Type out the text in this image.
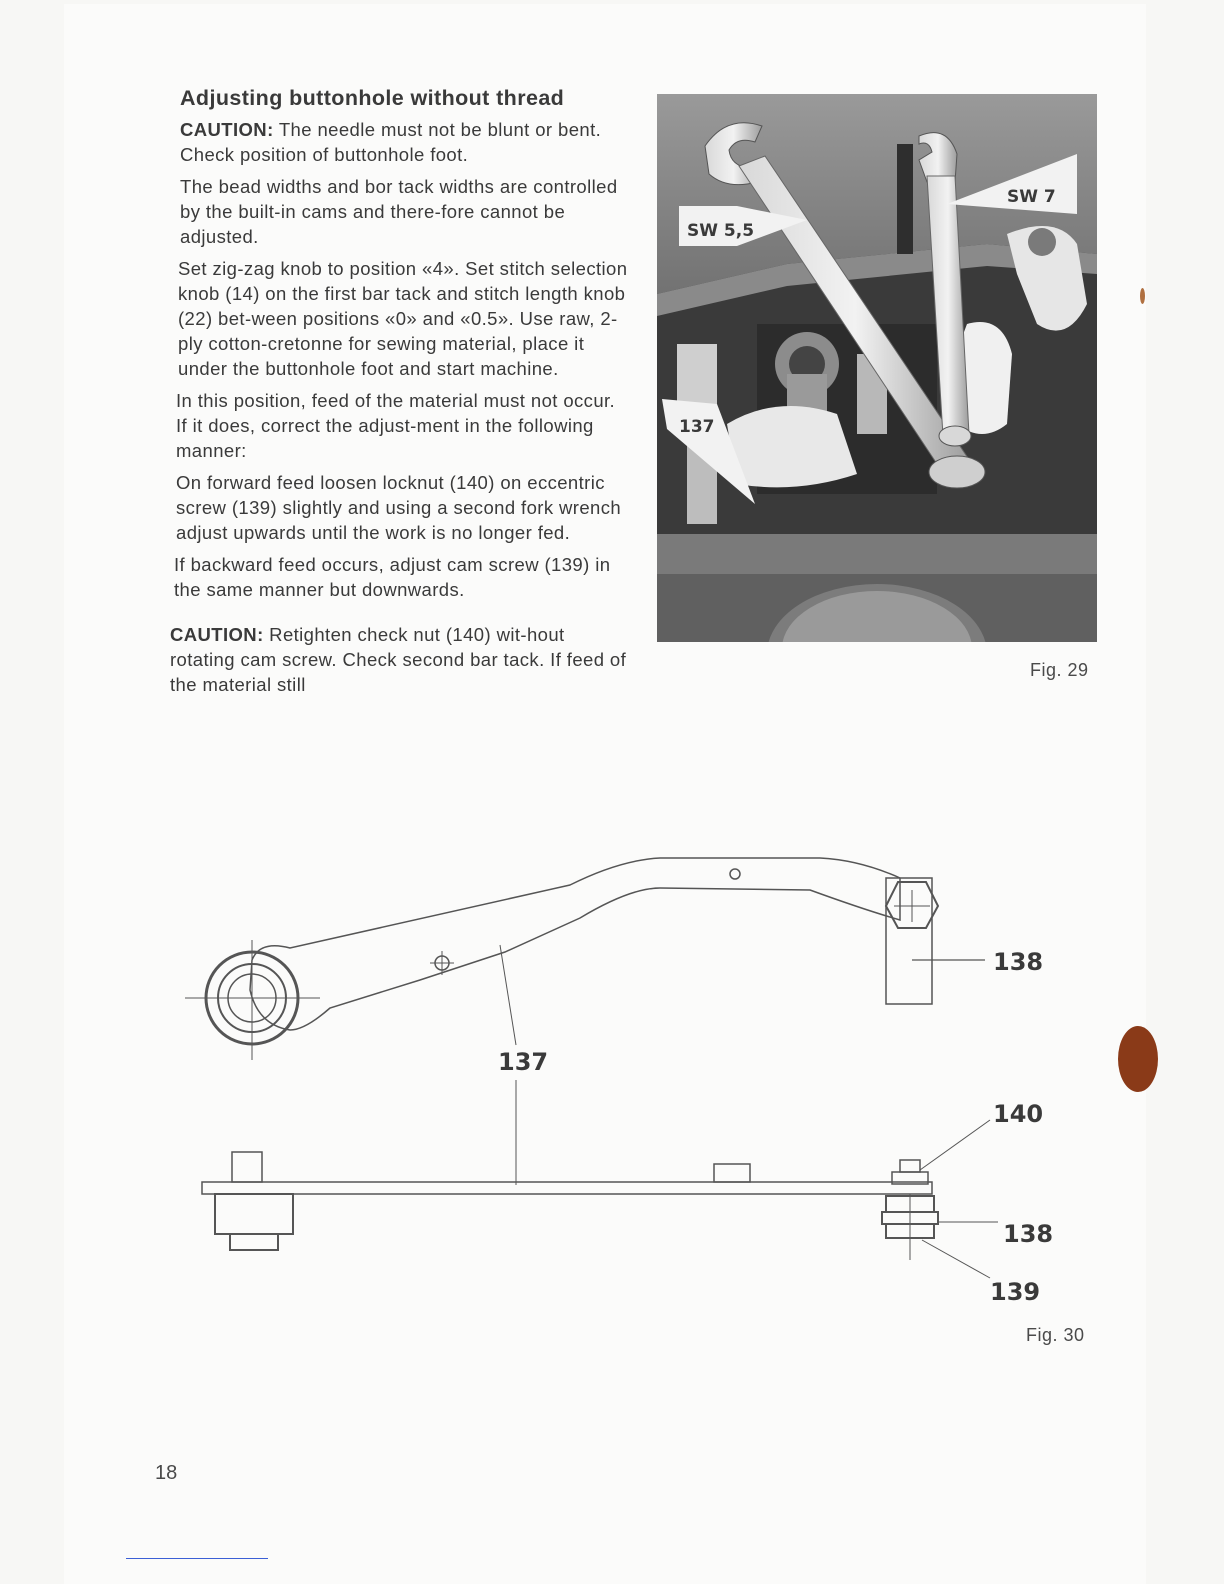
Adjusting buttonhole without thread

CAUTION: The needle must not be blunt or bent. Check position of buttonhole foot.

The bead widths and bor tack widths are controlled by the built-in cams and there-fore cannot be adjusted.

Set zig-zag knob to position «4». Set stitch selection knob (14) on the first bar tack and stitch length knob (22) bet-ween positions «0» and «0.5». Use raw, 2-ply cotton-cretonne for sewing material, place it under the buttonhole foot and start machine.

In this position, feed of the material must not occur. If it does, correct the adjust-ment in the following manner:

On forward feed loosen locknut (140) on eccentric screw (139) slightly and using a second fork wrench adjust upwards until the work is no longer fed.

If backward feed occurs, adjust cam screw (139) in the same manner but downwards.

CAUTION: Retighten check nut (140) wit-hout rotating cam screw. Check second bar tack. If feed of the material still

SW 5,5
SW 7
137
Fig. 29
138
137
140
138
139
Fig. 30
18
